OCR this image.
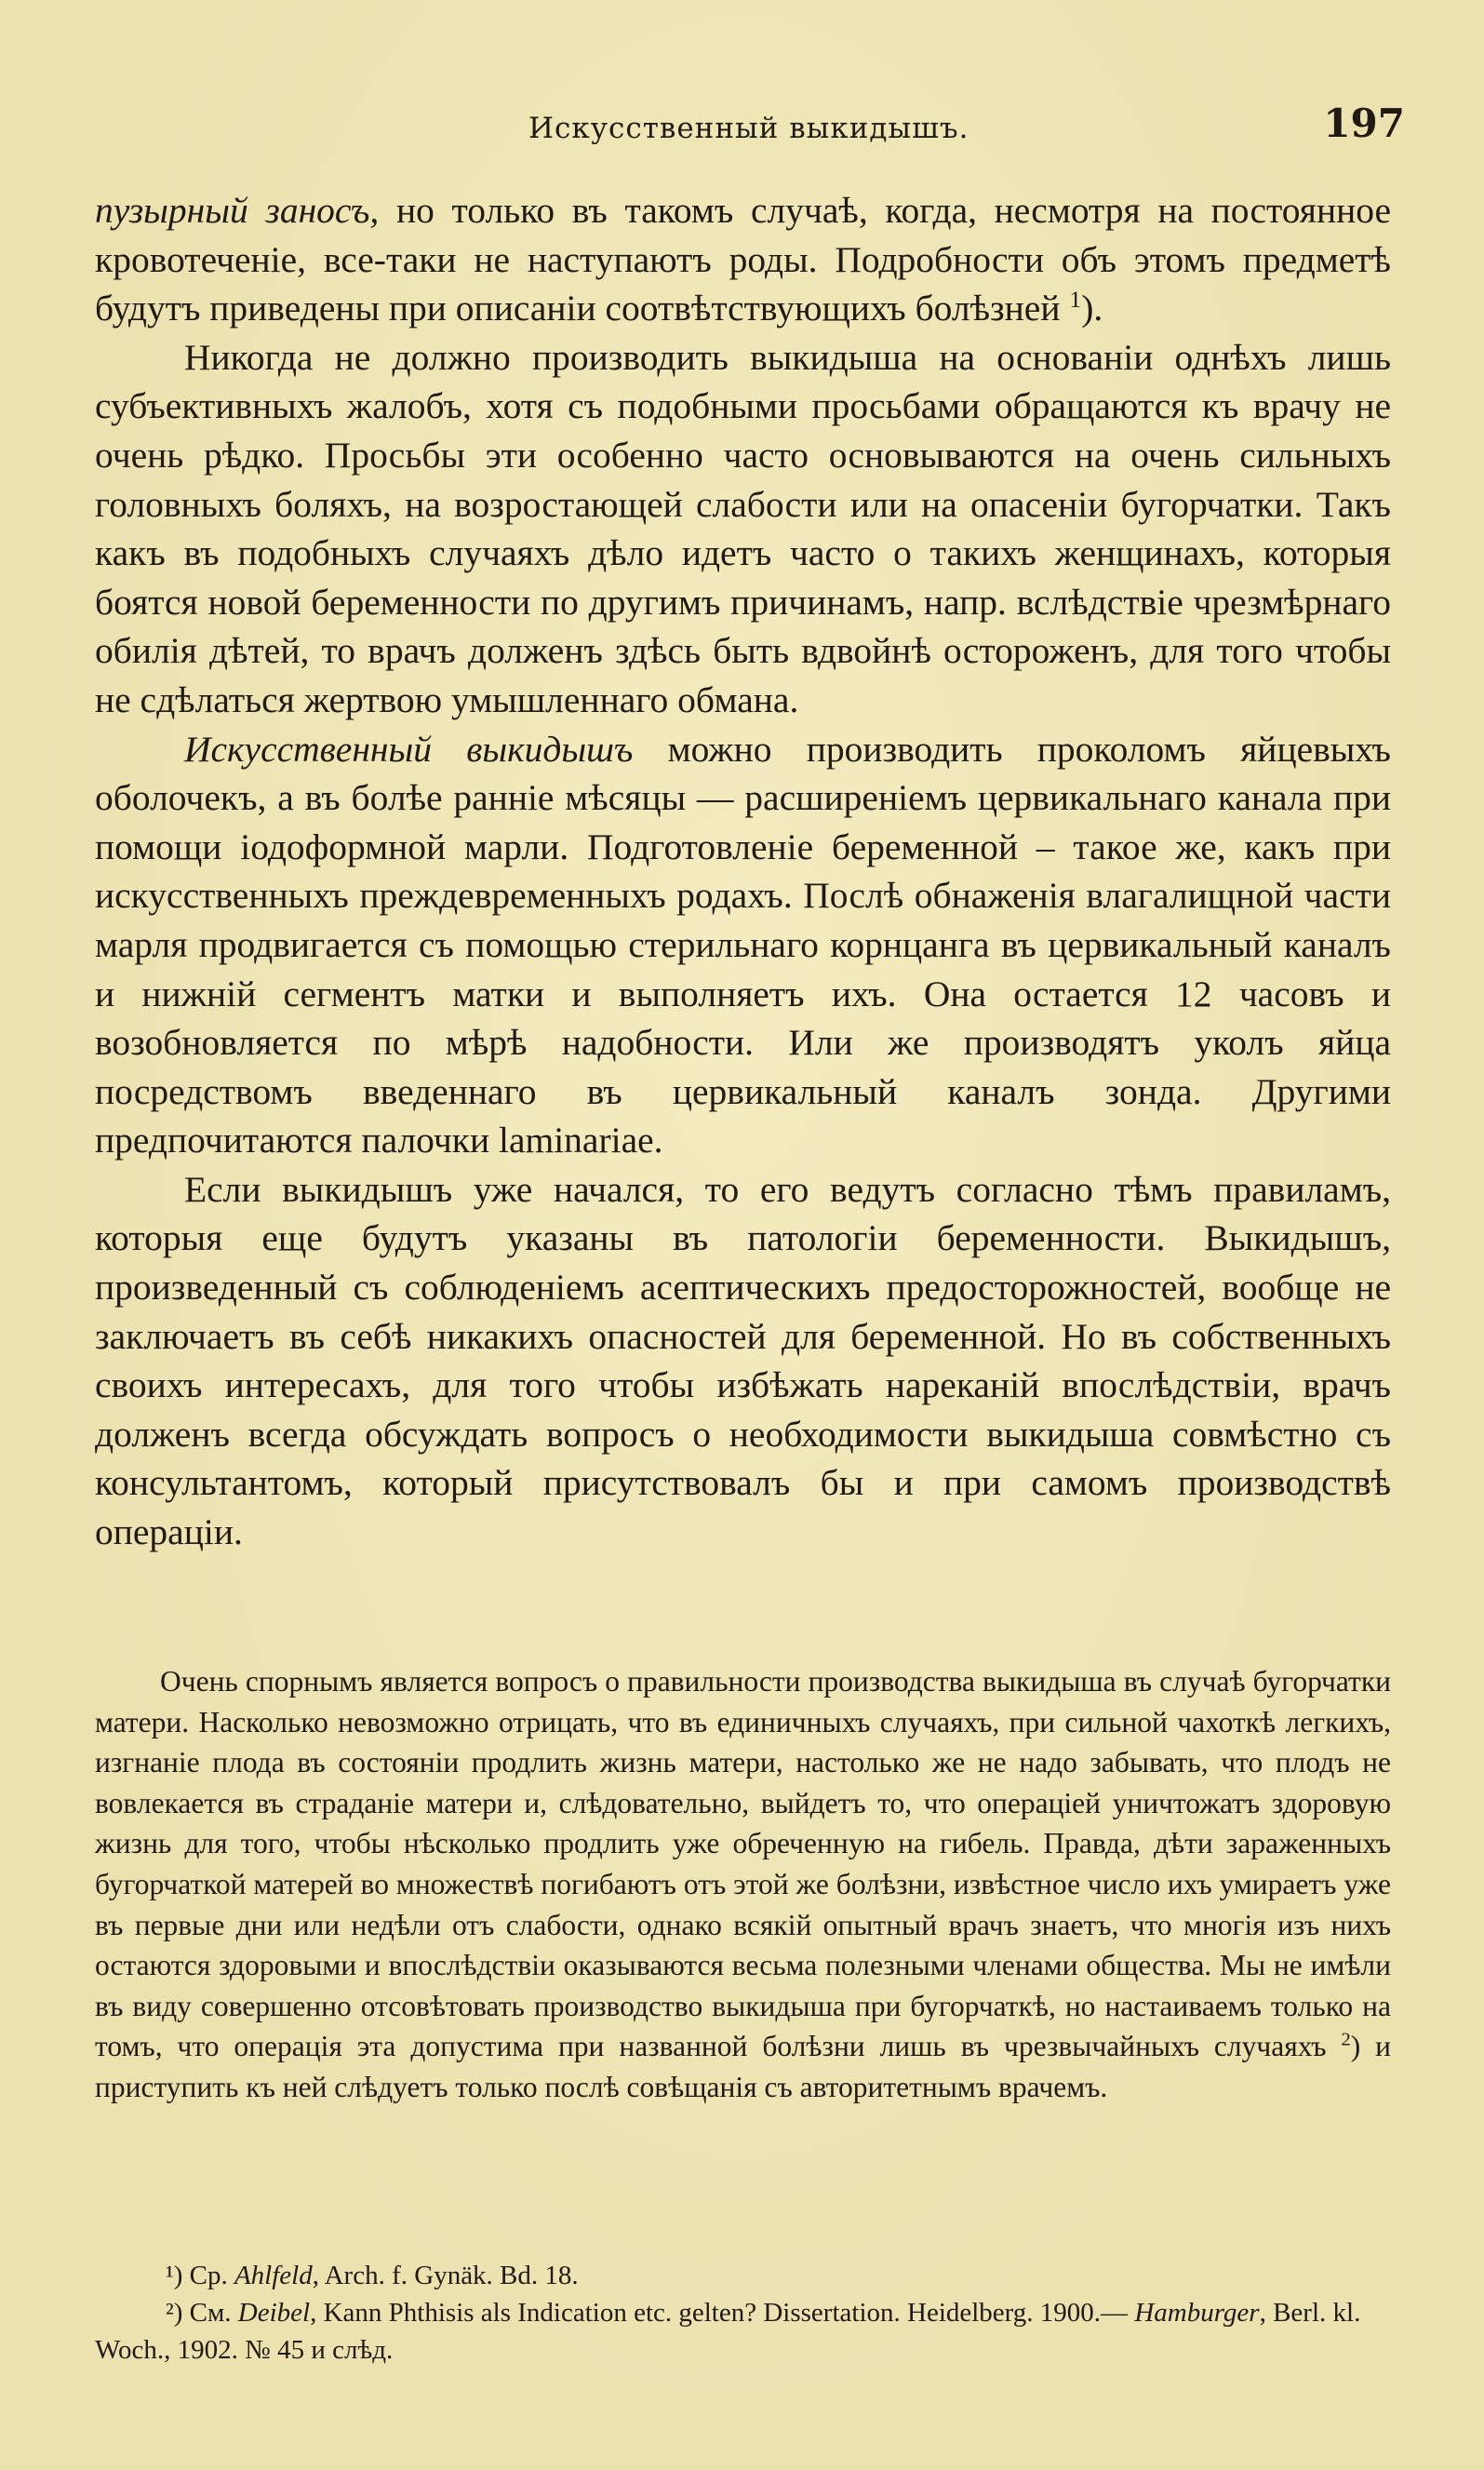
Искусственный выкидышъ.	197

пузырный заносъ, но только въ такомъ случаѣ, когда, несмотря на постоянное кровотеченіе, все-таки не наступаютъ роды. Подробности объ этомъ предметѣ будутъ приведены при описаніи соотвѣтствующихъ болѣзней $^1$).

Никогда не должно производить выкидыша на основаніи однѣхъ лишь субъективныхъ жалобъ, хотя съ подобными просьбами обращаются къ врачу не очень рѣдко. Просьбы эти особенно часто основываются на очень сильныхъ головныхъ боляхъ, на возростающей слабости или на опасеніи бугорчатки. Такъ какъ въ подобныхъ случаяхъ дѣло идетъ часто о такихъ женщинахъ, которыя боятся новой беременности по другимъ причинамъ, напр. вслѣдствіе чрезмѣрнаго обилія дѣтей, то врачъ долженъ здѣсь быть вдвойнѣ остороженъ, для того чтобы не сдѣлаться жертвою умышленнаго обмана.

Искусственный выкидышъ можно производить проколомъ яйцевыхъ оболочекъ, а въ болѣе ранніе мѣсяцы — расширеніемъ цервикальнаго канала при помощи іодоформной марли. Подготовленіе беременной – такое же, какъ при искусственныхъ преждевременныхъ родахъ. Послѣ обнаженія влагалищной части марля продвигается съ помощью стерильнаго корнцанга въ цервикальный каналъ и нижній сегментъ матки и выполняетъ ихъ. Она остается 12 часовъ и возобновляется по мѣрѣ надобности. Или же производятъ уколъ яйца посредствомъ введеннаго въ цервикальный каналъ зонда. Другими предпочитаются палочки laminariae.

Если выкидышъ уже начался, то его ведутъ согласно тѣмъ правиламъ, которыя еще будутъ указаны въ патологіи беременности. Выкидышъ, произведенный съ соблюденіемъ асептическихъ предосторожностей, вообще не заключаетъ въ себѣ никакихъ опасностей для беременной. Но въ собственныхъ своихъ интересахъ, для того чтобы избѣжать нареканій впослѣдствіи, врачъ долженъ всегда обсуждать вопросъ о необходимости выкидыша совмѣстно съ консультантомъ, который присутствовалъ бы и при самомъ производствѣ операціи.

Очень спорнымъ является вопросъ о правильности производства выкидыша въ случаѣ бугорчатки матери. Насколько невозможно отрицать, что въ единичныхъ случаяхъ, при сильной чахоткѣ легкихъ, изгнаніе плода въ состояніи продлить жизнь матери, настолько же не надо забывать, что плодъ не вовлекается въ страданіе матери и, слѣдовательно, выйдетъ то, что операціей уничтожатъ здоровую жизнь для того, чтобы нѣсколько продлить уже обреченную на гибель. Правда, дѣти зараженныхъ бугорчаткой матерей во множествѣ погибаютъ отъ этой же болѣзни, извѣстное число ихъ умираетъ уже въ первые дни или недѣли отъ слабости, однако всякій опытный врачъ знаетъ, что многія изъ нихъ остаются здоровыми и впослѣдствіи оказываются весьма полезными членами общества. Мы не имѣли въ виду совершенно отсовѣтовать производство выкидыша при бугорчаткѣ, но настаиваемъ только на томъ, что операція эта допустима при названной болѣзни лишь въ чрезвычайныхъ случаяхъ $^2$) и приступить къ ней слѣдуетъ только послѣ совѣщанія съ авторитетнымъ врачемъ.

¹) Ср. Ahlfeld, Arch. f. Gynäk. Bd. 18.

²) См. Deibel, Kann Phthisis als Indication etc. gelten? Dissertation. Heidelberg. 1900.— Hamburger, Berl. kl. Woch., 1902. № 45 и слѣд.
